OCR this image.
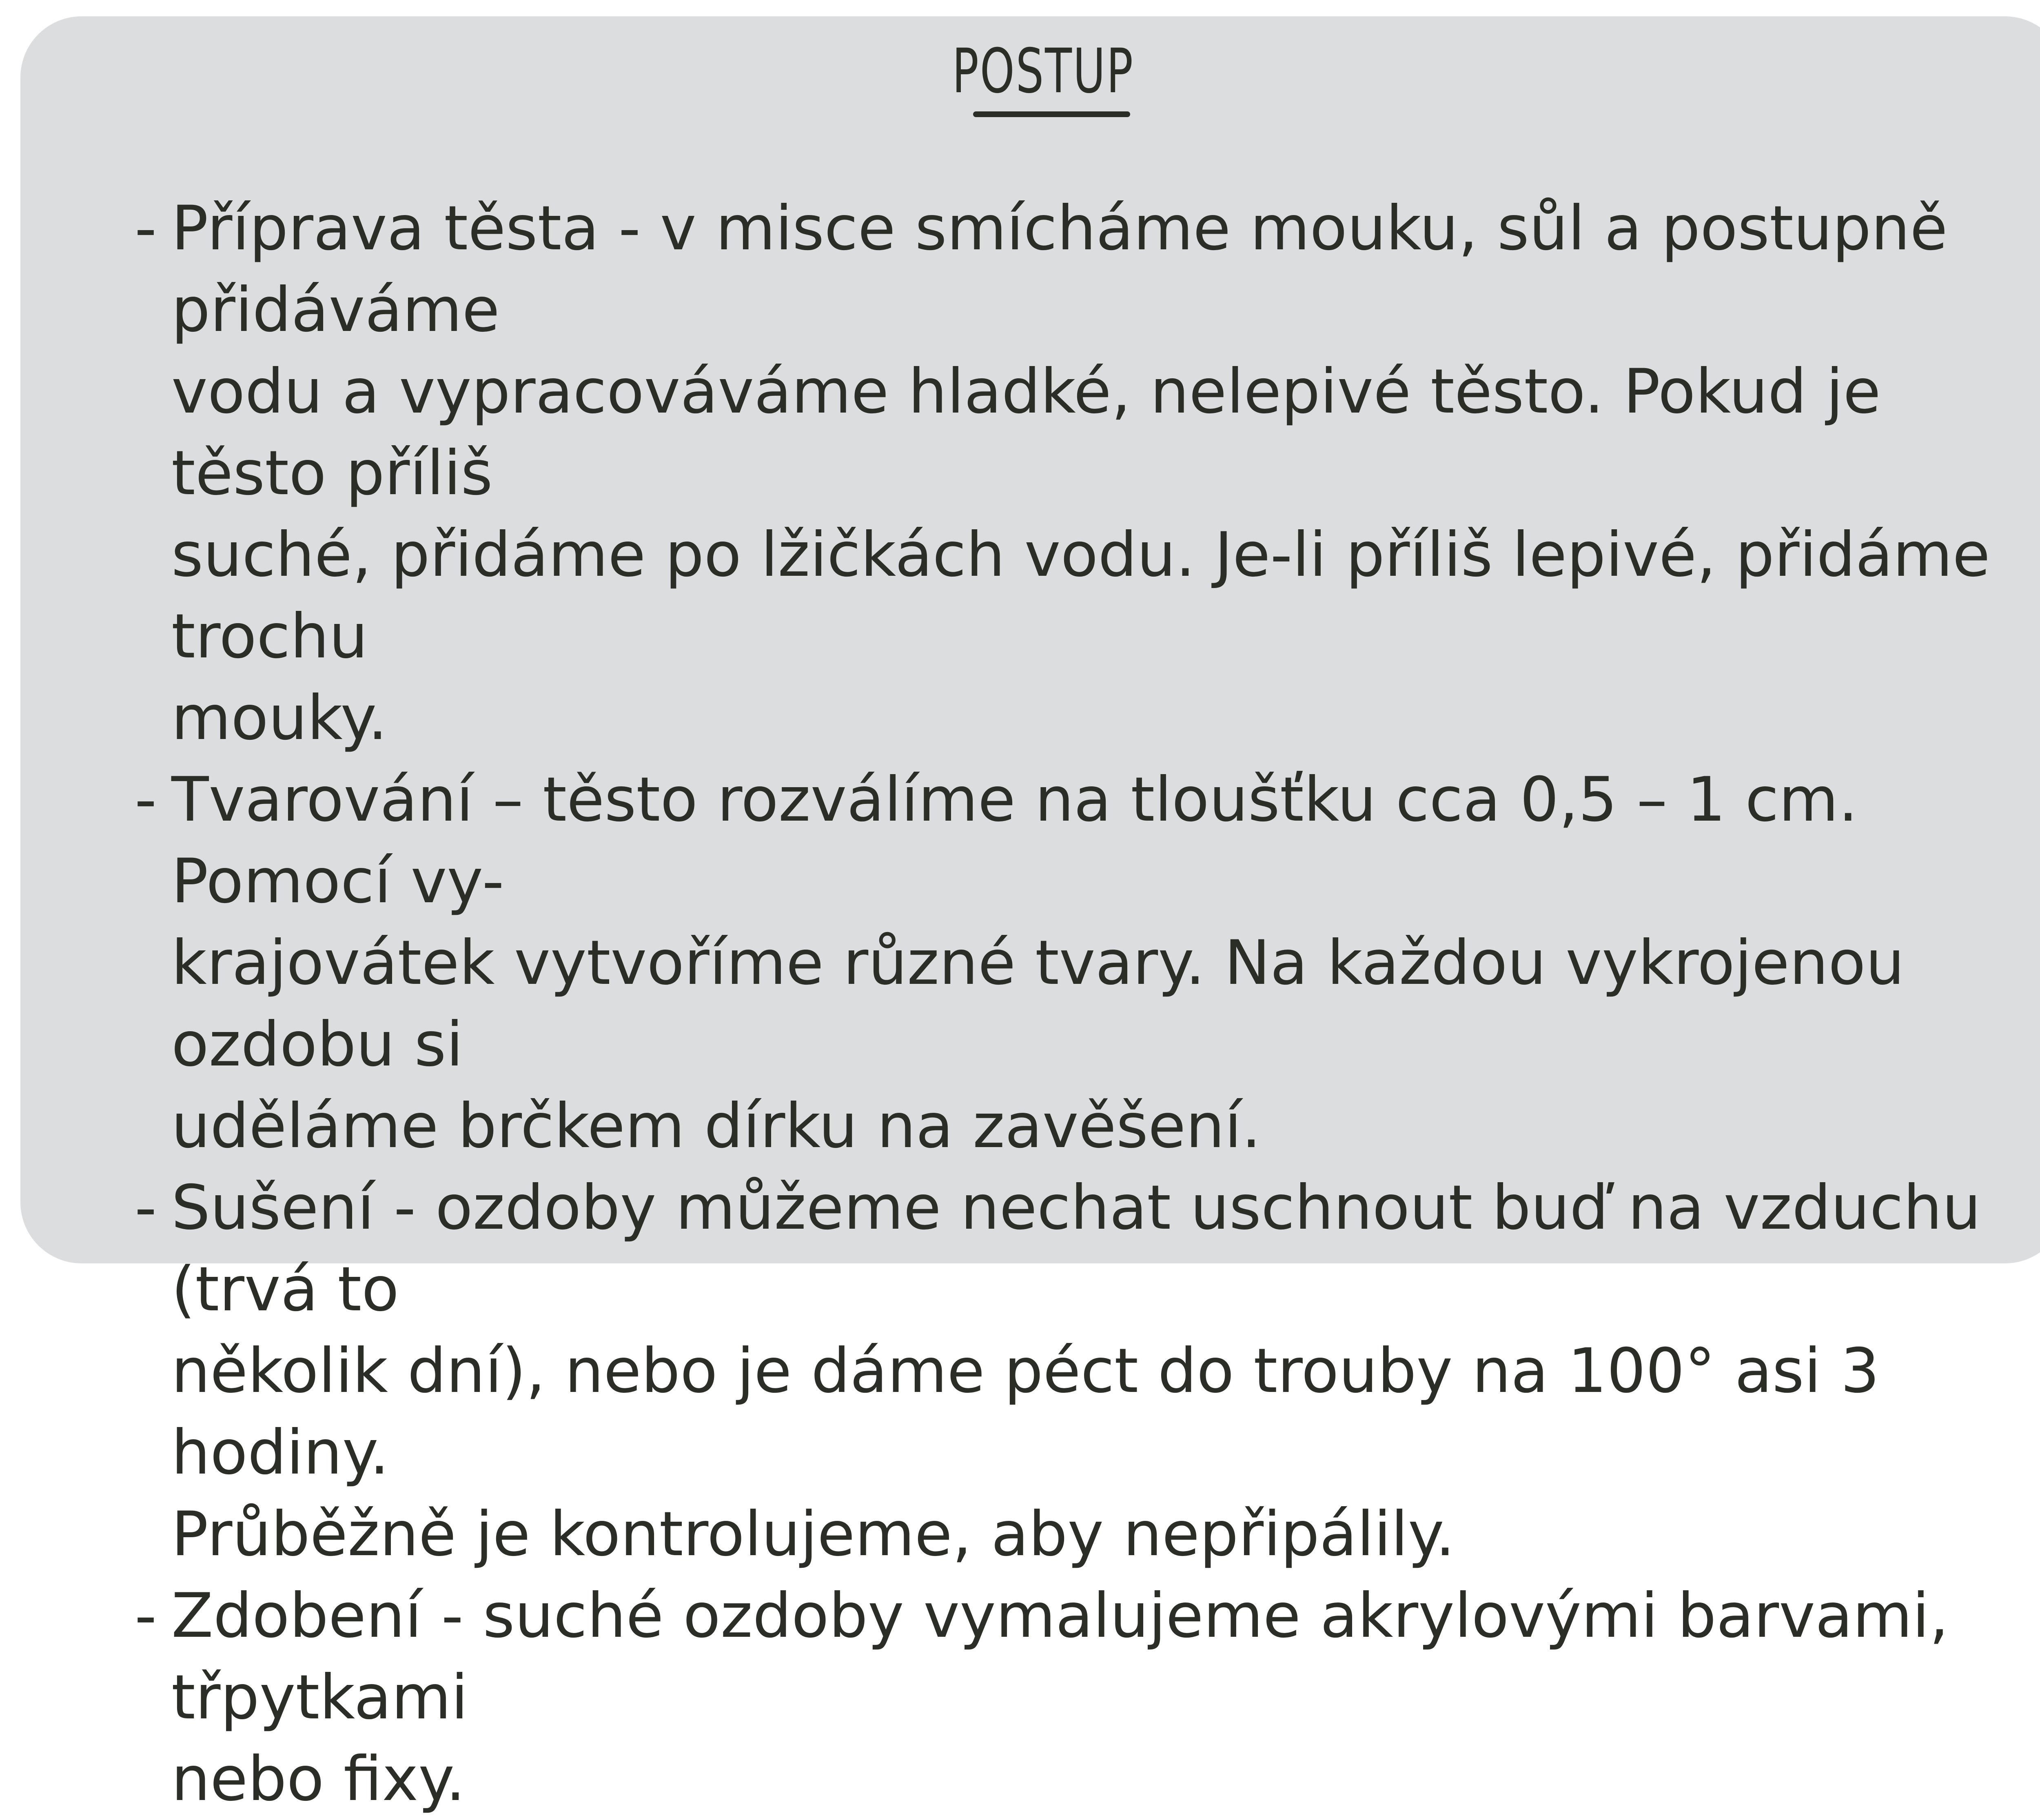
POSTUP
- Příprava těsta - v misce smícháme mouku, sůl a postupně přidáváme
vodu a vypracováváme hladké, nelepivé těsto. Pokud je těsto příliš
suché, přidáme po lžičkách vodu. Je-li příliš lepivé, přidáme trochu
mouky.
- Tvarování – těsto rozválíme na tloušťku cca 0,5 – 1 cm. Pomocí vy-
krajovátek vytvoříme různé tvary. Na každou vykrojenou ozdobu si
uděláme brčkem dírku na zavěšení.
- Sušení - ozdoby můžeme nechat uschnout buď na vzduchu (trvá to
několik dní), nebo je dáme péct do trouby na 100° asi 3 hodiny.
Průběžně je kontrolujeme, aby nepřipálily.
- Zdobení - suché ozdoby vymalujeme akrylovými barvami, třpytkami
nebo fixy.
